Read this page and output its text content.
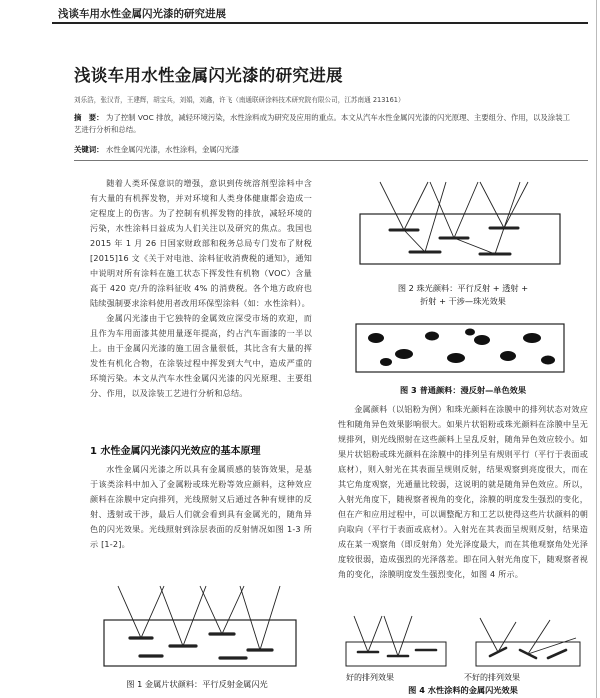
浅谈车用水性金属闪光漆的研究进展
浅谈车用水性金属闪光漆的研究进展
刘乐浩，张汉青，王建辉，胡宝兵，刘娟，刘鑫，许飞（南通联研涂料技术研究院有限公司，江苏南通 213161）
摘　要： 为了控制 VOC 排放，减轻环境污染，水性涂料成为研究及应用的重点。本文从汽车水性金属闪光漆的闪光原理、主要组分、作用，以及涂装工艺进行分析和总结。
关键词： 水性金属闪光漆，水性涂料，金属闪光漆

随着人类环保意识的增强，意识到传统溶剂型涂料中含有大量的有机挥发物，并对环境和人类身体健康都会造成一定程度上的伤害。为了控制有机挥发物的排放，减轻环境的污染，水性涂料日益成为人们关注以及研究的焦点。我国也 2015 年 1 月 26 日国家财政部和税务总局专门发布了财税 [2015]16 文《关于对电池、涂料征收消费税的通知》，通知中说明对所有涂料在施工状态下挥发性有机物（VOC）含量高于 420 克/升的涂料征收 4% 的消费税。各个地方政府也陆续强制要求涂料使用者改用环保型涂料（如：水性涂料）。

金属闪光漆由于它独特的金属效应深受市场的欢迎，而且作为车用面漆其使用量逐年提高，约占汽车面漆的一半以上。由于金属闪光漆的施工固含量很低，其比含有大量的挥发性有机化合物，在涂装过程中挥发到大气中，造成严重的环境污染。本文从汽车水性金属闪光漆的闪光原理、主要组分、作用，以及涂装工艺进行分析和总结。

1 水性金属闪光漆闪光效应的基本原理

水性金属闪光漆之所以具有金属质感的装饰效果，是基于该类涂料中加入了金属粉或珠光粉等效应颜料，这种效应颜料在涂膜中定向排列，光线照射又后通过各种有规律的反射、透射或干涉，最后人们就会看到具有金属光的，随角异色的闪光效果。光线照射到涂层表面的反射情况如图 1-3 所示 [1-2]。

图 1 金属片状颜料：平行反射金属闪光
图 2 珠光颜料：平行反射 + 透射 +
折射 + 干涉—珠光效果
图 3 普通颜料：漫反射—单色效果

金属颜料（以铝粉为例）和珠光颜料在涂膜中的排列状态对效应性和随角异色效果影响很大。如果片状铝粉或珠光颜料在涂膜中呈无规排列，则光线照射在这些颜料上呈乱反射，随角异色效应较小。如果片状铝粉或珠光颜料在涂膜中的排列呈有规则平行（平行于表面或底材），则入射光在其表面呈规则反射，结果观察到亮度很大，而在其它角度观察，光通量比较弱，这说明的就是随角异色效应。所以，入射光角度下，随视察者视角的变化，涂膜的明度发生强烈的变化，但在产和应用过程中，可以调整配方和工艺以使得这些片状颜料的朝向取向（平行于表面或底材）。入射光在其表面呈规则反射，结果造成在某一观察角（即反射角）处光泽度最大，而在其他观察角处光泽度较很弱，造成强烈的光泽落差。即在同入射光角度下，随观察者视角的变化，涂膜明度发生强烈变化，如图 4 所示。

好的排列效果	不好的排列效果
图 4 水性涂料的金属闪光效果
